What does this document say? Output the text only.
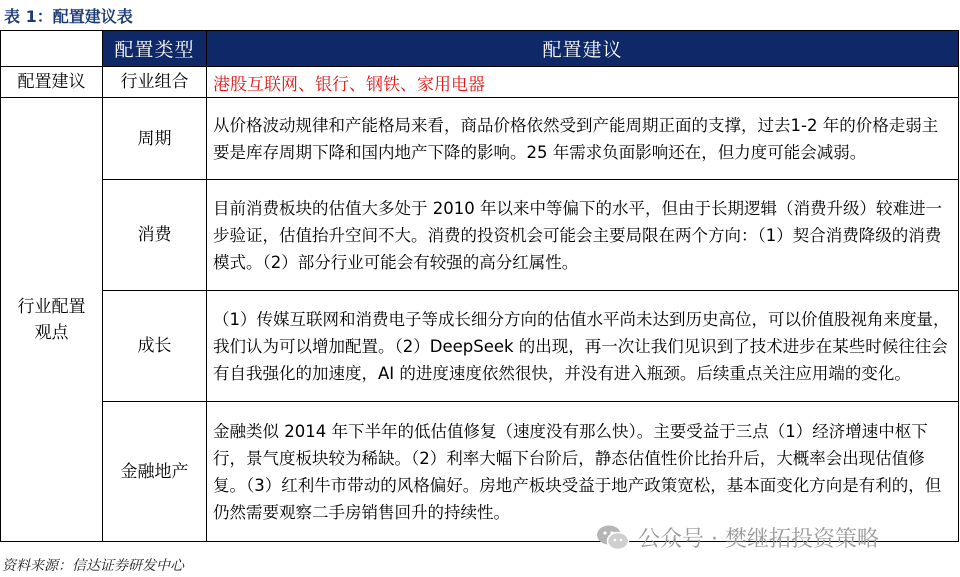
表 1：配置建议表
	配置类型	配置建议
配置建议	行业组合	港股互联网、银行、钢铁、家用电器
行业配置观点	周期	从价格波动规律和产能格局来看，商品价格依然受到产能周期正面的支撑，过去1-2 年的价格走弱主要是库存周期下降和国内地产下降的影响。25 年需求负面影响还在，但力度可能会减弱。
	消费	目前消费板块的估值大多处于 2010 年以来中等偏下的水平，但由于长期逻辑（消费升级）较难进一步验证，估值抬升空间不大。消费的投资机会可能会主要局限在两个方向：（1）契合消费降级的消费模式。（2）部分行业可能会有较强的高分红属性。
	成长	（1）传媒互联网和消费电子等成长细分方向的估值水平尚未达到历史高位，可以价值股视角来度量，我们认为可以增加配置。（2）DeepSeek 的出现，再一次让我们见识到了技术进步在某些时候往往会有自我强化的加速度，AI 的进度速度依然很快，并没有进入瓶颈。后续重点关注应用端的变化。
	金融地产	金融类似 2014 年下半年的低估值修复（速度没有那么快）。主要受益于三点（1）经济增速中枢下行，景气度板块较为稀缺。（2）利率大幅下台阶后，静态估值性价比抬升后，大概率会出现估值修复。（3）红利牛市带动的风格偏好。房地产板块受益于地产政策宽松，基本面变化方向是有利的，但仍然需要观察二手房销售回升的持续性。
公众号 · 樊继拓投资策略
资料来源：信达证券研发中心
